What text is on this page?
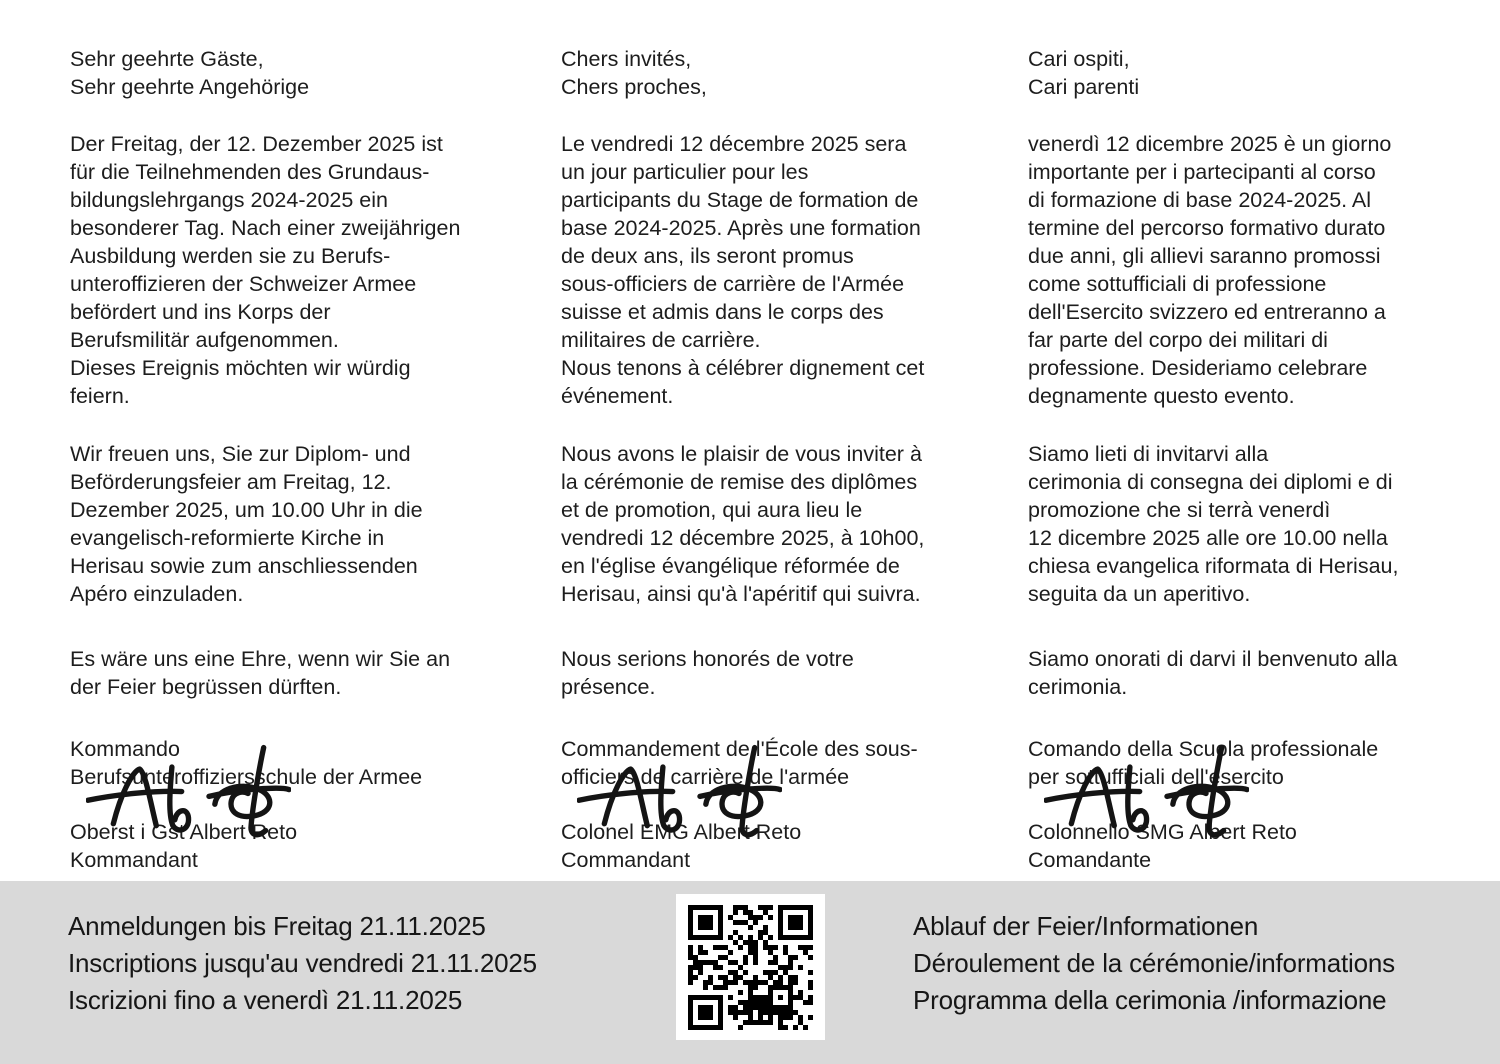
Sehr geehrte Gäste,
Sehr geehrte Angehörige
Der Freitag, der 12. Dezember 2025 ist
für die Teilnehmenden des Grundaus-
bildungslehrgangs 2024-2025 ein
besonderer Tag. Nach einer zweijährigen
Ausbildung werden sie zu Berufs-
unteroffizieren der Schweizer Armee
befördert und ins Korps der
Berufsmilitär aufgenommen.
Dieses Ereignis möchten wir würdig
feiern.
Wir freuen uns, Sie zur Diplom- und
Beförderungsfeier am Freitag, 12.
Dezember 2025, um 10.00 Uhr in die
evangelisch-reformierte Kirche in
Herisau sowie zum anschliessenden
Apéro einzuladen.
Es wäre uns eine Ehre, wenn wir Sie an
der Feier begrüssen dürften.
Kommando
Berufsunteroffiziersschule der Armee
Oberst i Gst Albert Reto
Kommandant
Chers invités,
Chers proches,
Le vendredi 12 décembre 2025 sera
un jour particulier pour les
participants du Stage de formation de
base 2024-2025. Après une formation
de deux ans, ils seront promus
sous-officiers de carrière de l'Armée
suisse et admis dans le corps des
militaires de carrière.
Nous tenons à célébrer dignement cet
événement.
Nous avons le plaisir de vous inviter à
la cérémonie de remise des diplômes
et de promotion, qui aura lieu le
vendredi 12 décembre 2025, à 10h00,
en l'église évangélique réformée de
Herisau, ainsi qu'à l'apéritif qui suivra.
Nous serions honorés de votre
présence.
Commandement de l'École des sous-
officiers de carrière de l'armée
Colonel EMG Albert Reto
Commandant
Cari ospiti,
Cari parenti
venerdì 12 dicembre 2025 è un giorno
importante per i partecipanti al corso
di formazione di base 2024-2025. Al
termine del percorso formativo durato
due anni, gli allievi saranno promossi
come sottufficiali di professione
dell'Esercito svizzero ed entreranno a
far parte del corpo dei militari di
professione. Desideriamo celebrare
degnamente questo evento.
Siamo lieti di invitarvi alla
cerimonia di consegna dei diplomi e di
promozione che si terrà venerdì
12 dicembre 2025 alle ore 10.00 nella
chiesa evangelica riformata di Herisau,
seguita da un aperitivo.
Siamo onorati di darvi il benvenuto alla
cerimonia.
Comando della Scuola professionale
per sottufficiali dell'esercito
Colonnello SMG Albert Reto
Comandante
Anmeldungen bis Freitag 21.11.2025
Inscriptions jusqu'au vendredi 21.11.2025
Iscrizioni fino a venerdì 21.11.2025
Ablauf der Feier/Informationen
Déroulement de la cérémonie/informations
Programma della cerimonia /informazione
